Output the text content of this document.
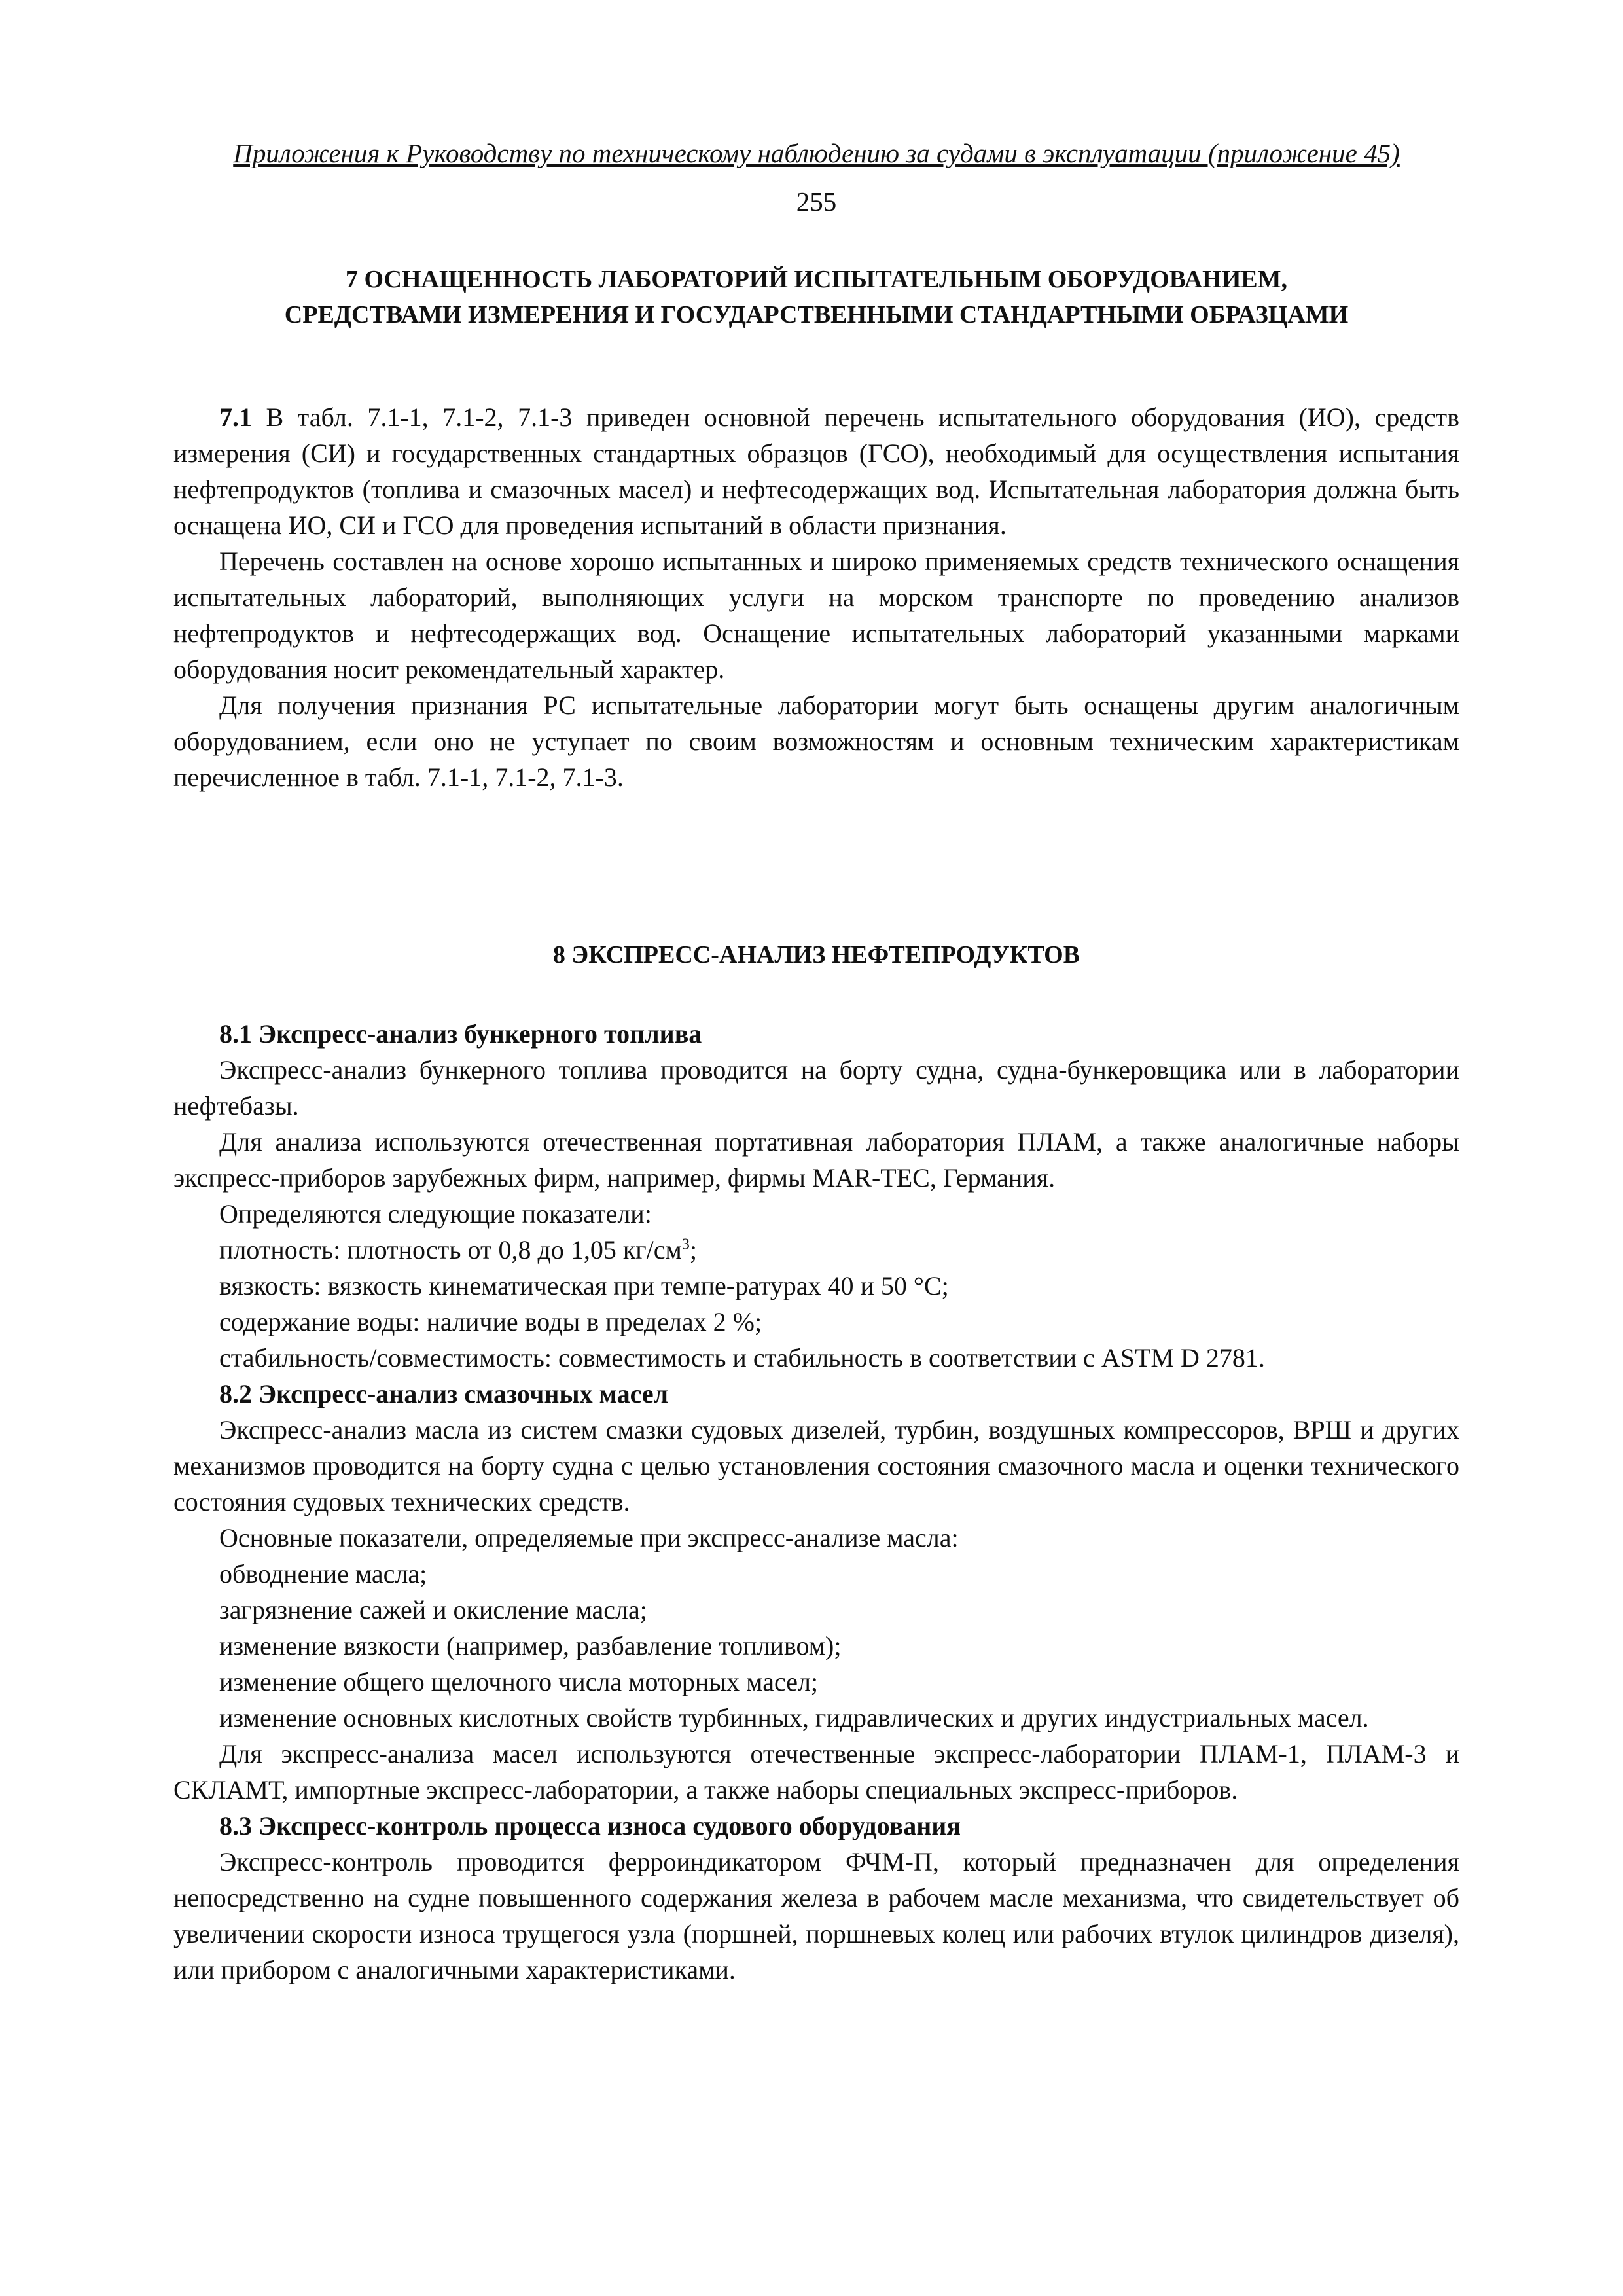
Приложения к Руководству по техническому наблюдению за судами в эксплуатации (приложение 45)
255
7 ОСНАЩЕННОСТЬ ЛАБОРАТОРИЙ ИСПЫТАТЕЛЬНЫМ ОБОРУДОВАНИЕМ,
СРЕДСТВАМИ ИЗМЕРЕНИЯ И ГОСУДАРСТВЕННЫМИ СТАНДАРТНЫМИ ОБРАЗЦАМИ

7.1 В табл. 7.1-1, 7.1-2, 7.1-3 приведен основной перечень испытательного оборудования (ИО), средств измерения (СИ) и государственных стандартных образцов (ГСО), необходимый для осуществления испытания нефтепродуктов (топлива и смазочных масел) и нефтесодержащих вод. Испытательная лаборатория должна быть оснащена ИО, СИ и ГСО для проведения испытаний в области признания.

Перечень составлен на основе хорошо испытанных и широко применяемых средств технического оснащения испытательных лабораторий, выполняющих услуги на морском транспорте по проведению анализов нефтепродуктов и нефтесодержащих вод. Оснащение испытательных лабораторий указанными марками оборудования носит рекомендательный характер.

Для получения признания РС испытательные лаборатории могут быть оснащены другим аналогичным оборудованием, если оно не уступает по своим возможностям и основным техническим характеристикам перечисленное в табл. 7.1-1, 7.1-2, 7.1-3.

8 ЭКСПРЕСС-АНАЛИЗ НЕФТЕПРОДУКТОВ

8.1 Экспресс-анализ бункерного топлива

Экспресс-анализ бункерного топлива проводится на борту судна, судна-бункеровщика или в лаборатории нефтебазы.

Для анализа используются отечественная портативная лаборатория ПЛАМ, а также аналогичные наборы экспресс-приборов зарубежных фирм, например, фирмы MAR-TEC, Германия.

Определяются следующие показатели:

плотность: плотность от 0,8 до 1,05 $кг/см^3$;

вязкость: вязкость кинематическая при темпе-ратурах 40 и 50 °C;

содержание воды: наличие воды в пределах 2 %;

стабильность/совместимость: совместимость и стабильность в соответствии с ASTM D 2781.

8.2 Экспресс-анализ смазочных масел

Экспресс-анализ масла из систем смазки судовых дизелей, турбин, воздушных компрессоров, ВРШ и других механизмов проводится на борту судна с целью установления состояния смазочного масла и оценки технического состояния судовых технических средств.

Основные показатели, определяемые при экспресс-анализе масла:

обводнение масла;

загрязнение сажей и окисление масла;

изменение вязкости (например, разбавление топливом);

изменение общего щелочного числа моторных масел;

изменение основных кислотных свойств турбинных, гидравлических и других индустриальных масел.

Для экспресс-анализа масел используются отечественные экспресс-лаборатории ПЛАМ-1, ПЛАМ-3 и СКЛАМТ, импортные экспресс-лаборатории, а также наборы специальных экспресс-приборов.

8.3 Экспресс-контроль процесса износа судового оборудования

Экспресс-контроль проводится ферроиндикатором ФЧМ-П, который предназначен для определения непосредственно на судне повышенного содержания железа в рабочем масле механизма, что свидетельствует об увеличении скорости износа трущегося узла (поршней, поршневых колец или рабочих втулок цилиндров дизеля), или прибором с аналогичными характеристиками.
